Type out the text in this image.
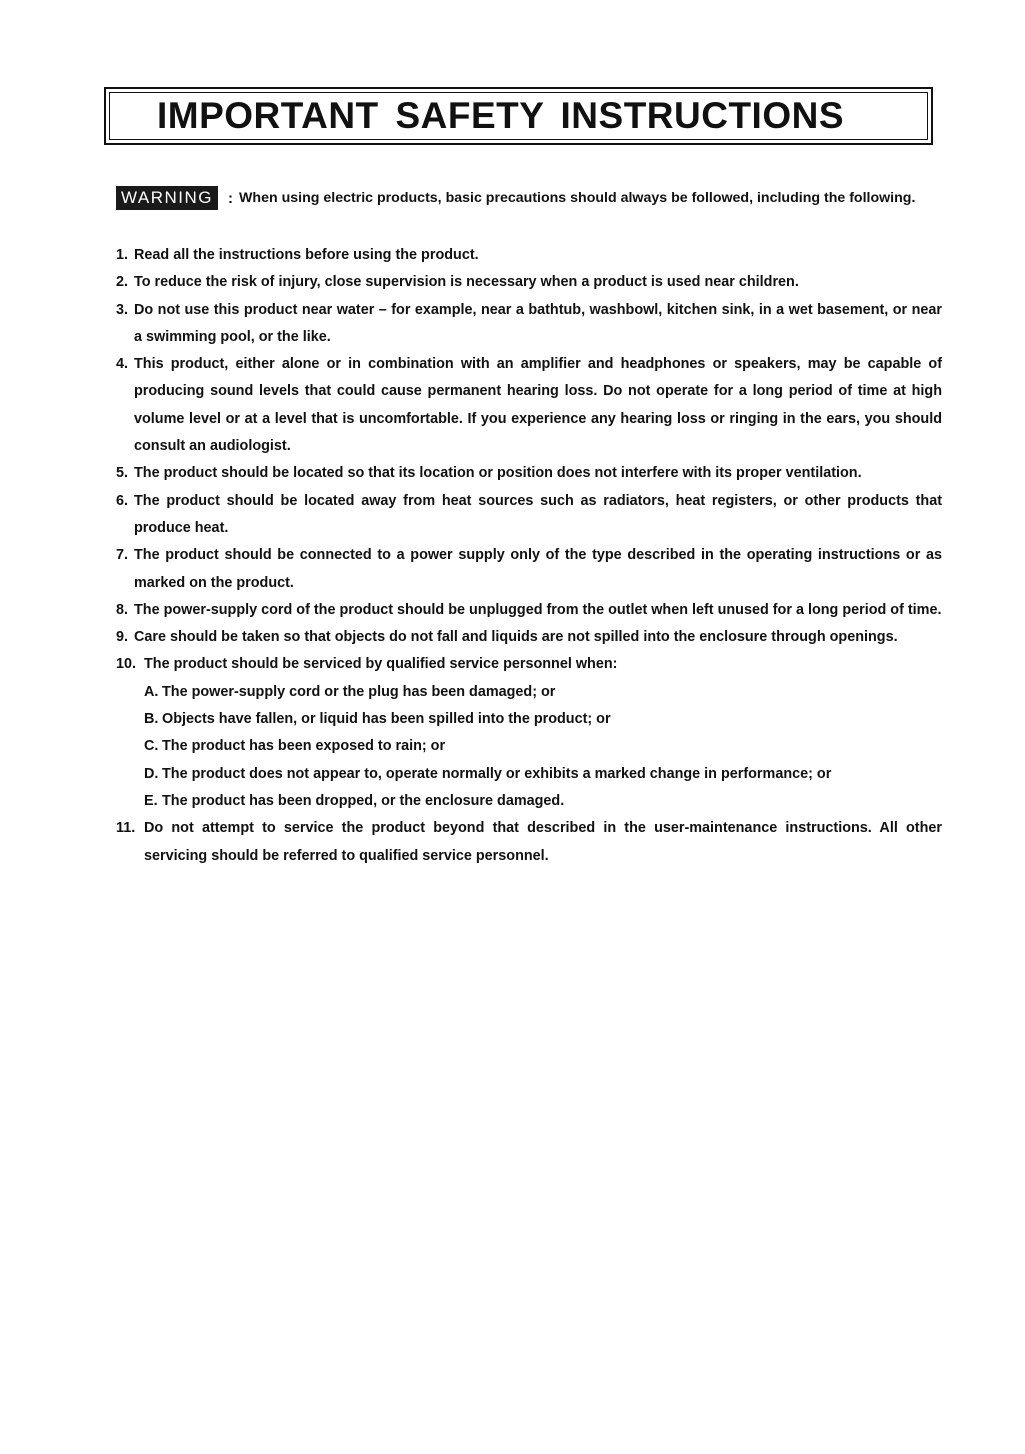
IMPORTANT SAFETY INSTRUCTIONS
WARNING	: When using electric products, basic precautions should always be followed, including the following.
1. Read all the instructions before using the product.
2. To reduce the risk of injury, close supervision is necessary when a product is used near children.
3. Do not use this product near water – for example, near a bathtub, washbowl, kitchen sink, in a wet basement, or near a swimming pool, or the like.
4. This product, either alone or in combination with an amplifier and headphones or speakers, may be capable of producing sound levels that could cause permanent hearing loss. Do not operate for a long period of time at high volume level or at a level that is uncomfortable. If you experience any hearing loss or ringing in the ears, you should consult an audiologist.
5. The product should be located so that its location or position does not interfere with its proper ventilation.
6. The product should be located away from heat sources such as radiators, heat registers, or other products that produce heat.
7. The product should be connected to a power supply only of the type described in the operating instructions or as marked on the product.
8. The power-supply cord of the product should be unplugged from the outlet when left unused for a long period of time.
9. Care should be taken so that objects do not fall and liquids are not spilled into the enclosure through openings.
10. The product should be serviced by qualified service personnel when:
A. The power-supply cord or the plug has been damaged; or
B. Objects have fallen, or liquid has been spilled into the product; or
C. The product has been exposed to rain; or
D. The product does not appear to, operate normally or exhibits a marked change in performance; or
E. The product has been dropped, or the enclosure damaged.
11. Do not attempt to service the product beyond that described in the user-maintenance instructions. All other servicing should be referred to qualified service personnel.
